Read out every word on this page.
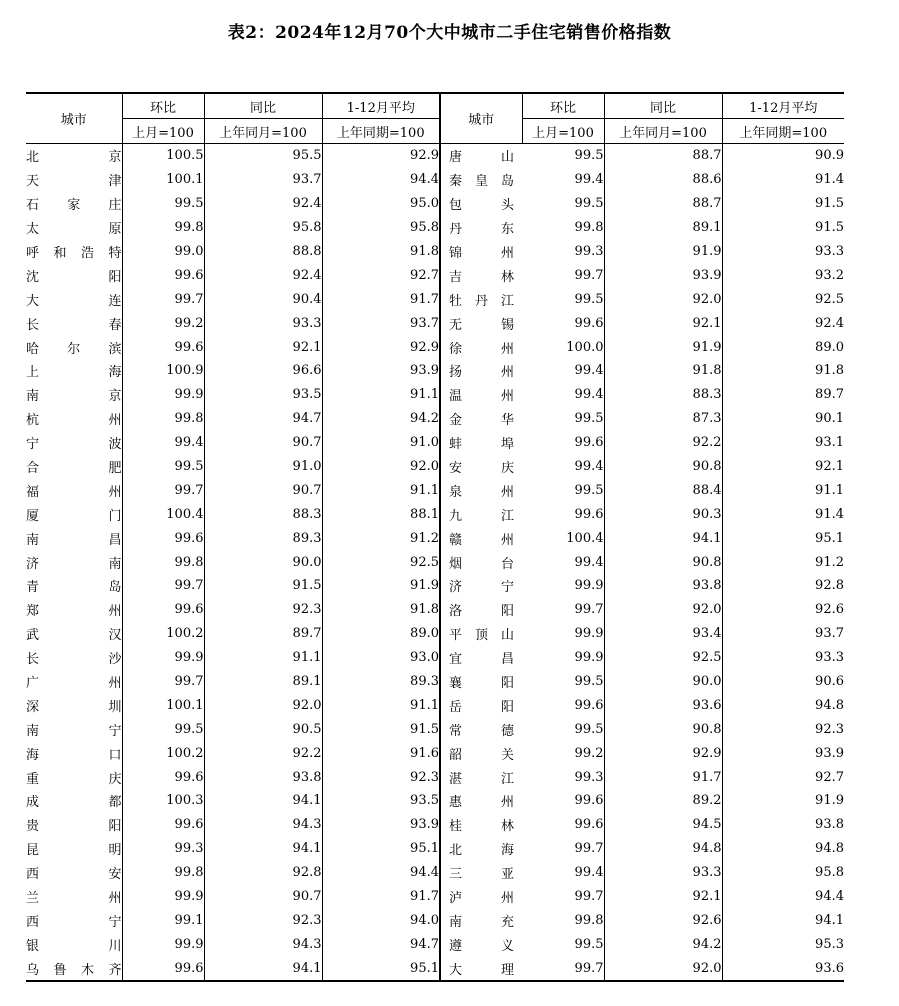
表2：2024年12月70个大中城市二手住宅销售价格指数
城市	环比	同比	1-12月平均	城市	环比	同比	1-12月平均
	上月=100	上年同月=100	上年同期=100		上月=100	上年同月=100	上年同期=100
北京	100.5	95.5	92.9	唐山	99.5	88.7	90.9
天津	100.1	93.7	94.4	秦皇岛	99.4	88.6	91.4
石家庄	99.5	92.4	95.0	包头	99.5	88.7	91.5
太原	99.8	95.8	95.8	丹东	99.8	89.1	91.5
呼和浩特	99.0	88.8	91.8	锦州	99.3	91.9	93.3
沈阳	99.6	92.4	92.7	吉林	99.7	93.9	93.2
大连	99.7	90.4	91.7	牡丹江	99.5	92.0	92.5
长春	99.2	93.3	93.7	无锡	99.6	92.1	92.4
哈尔滨	99.6	92.1	92.9	徐州	100.0	91.9	89.0
上海	100.9	96.6	93.9	扬州	99.4	91.8	91.8
南京	99.9	93.5	91.1	温州	99.4	88.3	89.7
杭州	99.8	94.7	94.2	金华	99.5	87.3	90.1
宁波	99.4	90.7	91.0	蚌埠	99.6	92.2	93.1
合肥	99.5	91.0	92.0	安庆	99.4	90.8	92.1
福州	99.7	90.7	91.1	泉州	99.5	88.4	91.1
厦门	100.4	88.3	88.1	九江	99.6	90.3	91.4
南昌	99.6	89.3	91.2	赣州	100.4	94.1	95.1
济南	99.8	90.0	92.5	烟台	99.4	90.8	91.2
青岛	99.7	91.5	91.9	济宁	99.9	93.8	92.8
郑州	99.6	92.3	91.8	洛阳	99.7	92.0	92.6
武汉	100.2	89.7	89.0	平顶山	99.9	93.4	93.7
长沙	99.9	91.1	93.0	宜昌	99.9	92.5	93.3
广州	99.7	89.1	89.3	襄阳	99.5	90.0	90.6
深圳	100.1	92.0	91.1	岳阳	99.6	93.6	94.8
南宁	99.5	90.5	91.5	常德	99.5	90.8	92.3
海口	100.2	92.2	91.6	韶关	99.2	92.9	93.9
重庆	99.6	93.8	92.3	湛江	99.3	91.7	92.7
成都	100.3	94.1	93.5	惠州	99.6	89.2	91.9
贵阳	99.6	94.3	93.9	桂林	99.6	94.5	93.8
昆明	99.3	94.1	95.1	北海	99.7	94.8	94.8
西安	99.8	92.8	94.4	三亚	99.4	93.3	95.8
兰州	99.9	90.7	91.7	泸州	99.7	92.1	94.4
西宁	99.1	92.3	94.0	南充	99.8	92.6	94.1
银川	99.9	94.3	94.7	遵义	99.5	94.2	95.3
乌鲁木齐	99.6	94.1	95.1	大理	99.7	92.0	93.6
